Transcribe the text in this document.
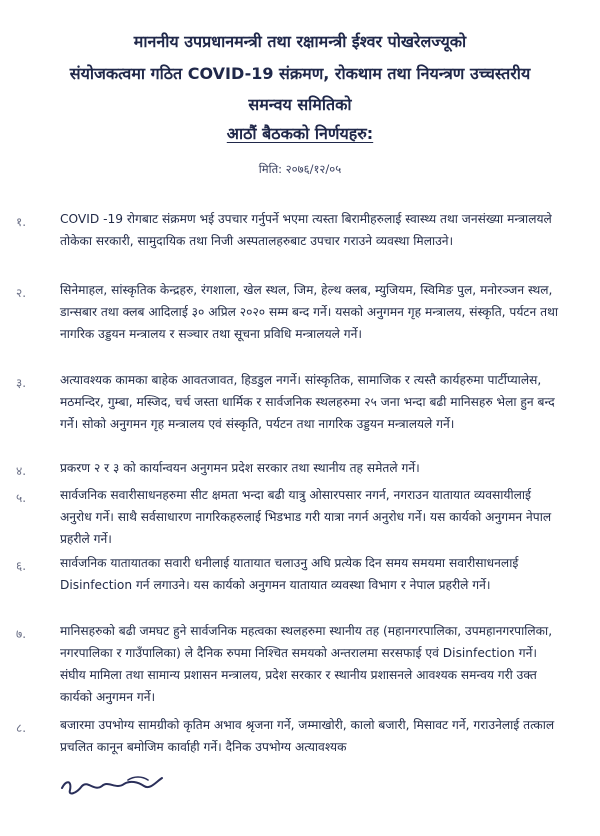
माननीय उपप्रधानमन्त्री तथा रक्षामन्त्री ईश्वर पोखरेलज्यूको
संयोजकत्वमा गठित COVID-19 संक्रमण, रोकथाम तथा नियन्त्रण उच्चस्तरीय
समन्वय समितिको
आठौं बैठकको निर्णयहरु:
मिति: २०७६/१२/०५
१.	COVID -19 रोगबाट संक्रमण भई उपचार गर्नुपर्ने भएमा त्यस्ता बिरामीहरुलाई स्वास्थ्य तथा जनसंख्या मन्त्रालयले तोकेका सरकारी, सामुदायिक तथा निजी अस्पतालहरुबाट उपचार गराउने व्यवस्था मिलाउने।
२.	सिनेमाहल, सांस्कृतिक केन्द्रहरु, रंगशाला, खेल स्थल, जिम, हेल्थ क्लब, म्युजियम, स्विमिङ पुल, मनोरञ्जन स्थल, डान्सबार तथा क्लब आदिलाई ३० अप्रिल २०२० सम्म बन्द गर्ने। यसको अनुगमन गृह मन्त्रालय, संस्कृति, पर्यटन तथा नागरिक उड्डयन मन्त्रालय र सञ्चार तथा सूचना प्रविधि मन्त्रालयले गर्ने।
३.	अत्यावश्यक कामका बाहेक आवतजावत, हिडडुल नगर्ने। सांस्कृतिक, सामाजिक र त्यस्तै कार्यहरुमा पार्टीप्यालेस, मठमन्दिर, गुम्बा, मस्जिद, चर्च जस्ता धार्मिक र सार्वजनिक स्थलहरुमा २५ जना भन्दा बढी मानिसहरु भेला हुन बन्द गर्ने। सोको अनुगमन गृह मन्त्रालय एवं संस्कृति, पर्यटन तथा नागरिक उड्डयन मन्त्रालयले गर्ने।
४.	प्रकरण २ र ३ को कार्यान्वयन अनुगमन प्रदेश सरकार तथा स्थानीय तह समेतले गर्ने।
५.	सार्वजनिक सवारीसाधनहरुमा सीट क्षमता भन्दा बढी यात्रु ओसारपसार नगर्न, नगराउन यातायात व्यवसायीलाई अनुरोध गर्ने। साथै सर्वसाधारण नागरिकहरुलाई भिडभाड गरी यात्रा नगर्न अनुरोध गर्ने। यस कार्यको अनुगमन नेपाल प्रहरीले गर्ने।
६.	सार्वजनिक यातायातका सवारी धनीलाई यातायात चलाउनु अघि प्रत्येक दिन समय समयमा सवारीसाधनलाई Disinfection गर्न लगाउने। यस कार्यको अनुगमन यातायात व्यवस्था विभाग र नेपाल प्रहरीले गर्ने।
७.	मानिसहरुको बढी जमघट हुने सार्वजनिक महत्वका स्थलहरुमा स्थानीय तह (महानगरपालिका, उपमहानगरपालिका, नगरपालिका र गाउँपालिका) ले दैनिक रुपमा निश्चित समयको अन्तरालमा सरसफाई एवं Disinfection गर्ने। संघीय मामिला तथा सामान्य प्रशासन मन्त्रालय, प्रदेश सरकार र स्थानीय प्रशासनले आवश्यक समन्वय गरी उक्त कार्यको अनुगमन गर्ने।
८.	बजारमा उपभोग्य सामग्रीको कृतिम अभाव श्रृजना गर्ने, जम्माखोरी, कालो बजारी, मिसावट गर्ने, गराउनेलाई तत्काल प्रचलित कानून बमोजिम कार्वाही गर्ने। दैनिक उपभोग्य अत्यावश्यक
